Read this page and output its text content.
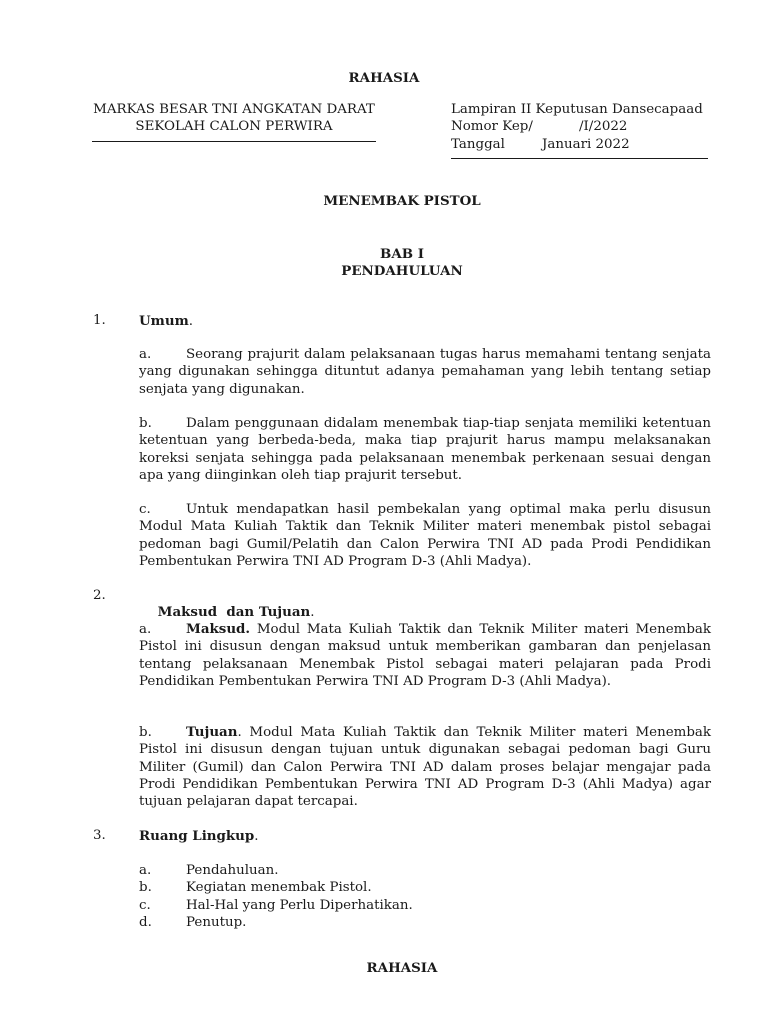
RAHASIA
MARKAS BESAR TNI ANGKATAN DARAT
SEKOLAH CALON PERWIRA
Lampiran II Keputusan Dansecapaad
Nomor Kep/	/I/2022
Tanggal	Januari 2022
MENEMBAK PISTOL
BAB I
PENDAHULUAN
1. Umum.
a.	Seorang prajurit dalam pelaksanaan tugas harus memahami tentang senjata yang digunakan sehingga dituntut adanya pemahaman yang lebih tentang setiap senjata yang digunakan.
b.	Dalam penggunaan didalam menembak tiap-tiap senjata memiliki ketentuan ketentuan yang berbeda-beda, maka tiap prajurit harus mampu melaksanakan koreksi senjata sehingga pada pelaksanaan menembak perkenaan sesuai dengan apa yang diinginkan oleh tiap prajurit tersebut.
c.	Untuk mendapatkan hasil pembekalan yang optimal maka perlu disusun Modul Mata Kuliah Taktik dan Teknik Militer materi menembak pistol sebagai pedoman bagi Gumil/Pelatih dan Calon Perwira TNI AD pada Prodi Pendidikan Pembentukan Perwira TNI AD Program D-3 (Ahli Madya).
2.

Maksud  dan Tujuan.

a.	Maksud. Modul Mata Kuliah Taktik dan Teknik Militer materi Menembak Pistol ini disusun dengan maksud untuk memberikan gambaran dan penjelasan tentang pelaksanaan Menembak Pistol sebagai materi pelajaran pada Prodi Pendidikan Pembentukan Perwira TNI AD Program D-3 (Ahli Madya).
b.	Tujuan. Modul Mata Kuliah Taktik dan Teknik Militer materi Menembak Pistol ini disusun dengan tujuan untuk digunakan sebagai pedoman bagi Guru Militer (Gumil) dan Calon Perwira TNI AD dalam proses belajar mengajar pada Prodi Pendidikan Pembentukan Perwira TNI AD Program D-3 (Ahli Madya) agar tujuan pelajaran dapat tercapai.
3. Ruang Lingkup.
a.	Pendahuluan.
b.	Kegiatan menembak Pistol.
c.	Hal-Hal yang Perlu Diperhatikan.
d.	Penutup.
RAHASIA
